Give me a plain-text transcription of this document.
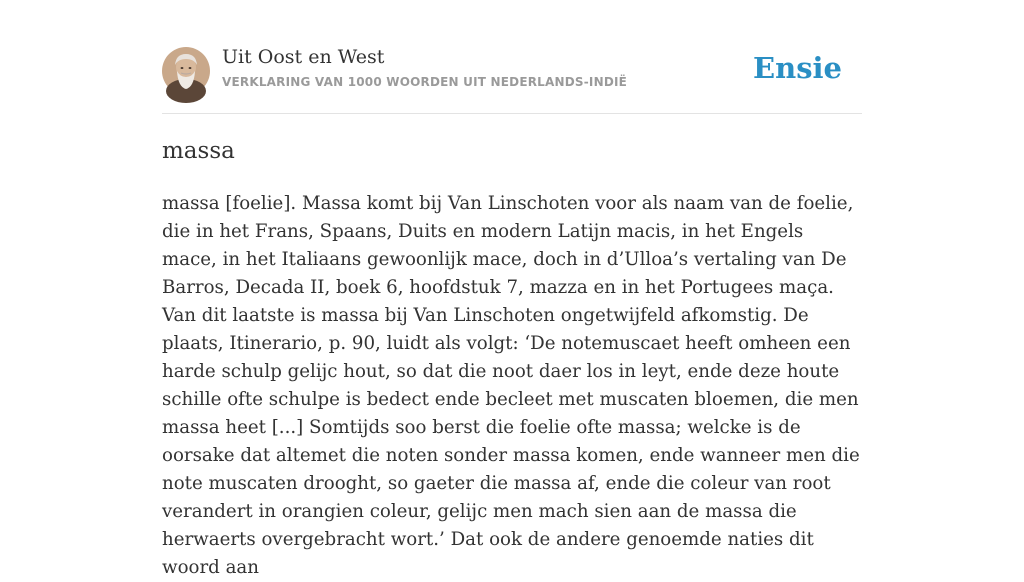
Uit Oost en West
VERKLARING VAN 1000 WOORDEN UIT NEDERLANDS-INDIË	Ensie
massa

massa [foelie]. Massa komt bij Van Linschoten voor als naam van de foelie, die in het Frans, Spaans, Duits en modern Latijn macis, in het Engels mace, in het Italiaans gewoonlijk mace, doch in d’Ulloa’s vertaling van De Barros, Decada II, boek 6, hoofdstuk 7, mazza en in het Portugees maça. Van dit laatste is massa bij Van Linschoten ongetwijfeld afkomstig. De plaats, Itinerario, p. 90, luidt als volgt: ‘De notemuscaet heeft omheen een harde schulp gelijc hout, so dat die noot daer los in leyt, ende deze houte schille ofte schulpe is bedect ende becleet met muscaten bloemen, die men massa heet [...] Somtijds soo berst die foelie ofte massa; welcke is de oorsake dat altemet die noten sonder massa komen, ende wanneer men die note muscaten drooght, so gaeter die massa af, ende die coleur van root verandert in orangien coleur, gelijc men mach sien aan de massa die herwaerts overgebracht wort.’ Dat ook de andere genoemde naties dit woord aan
